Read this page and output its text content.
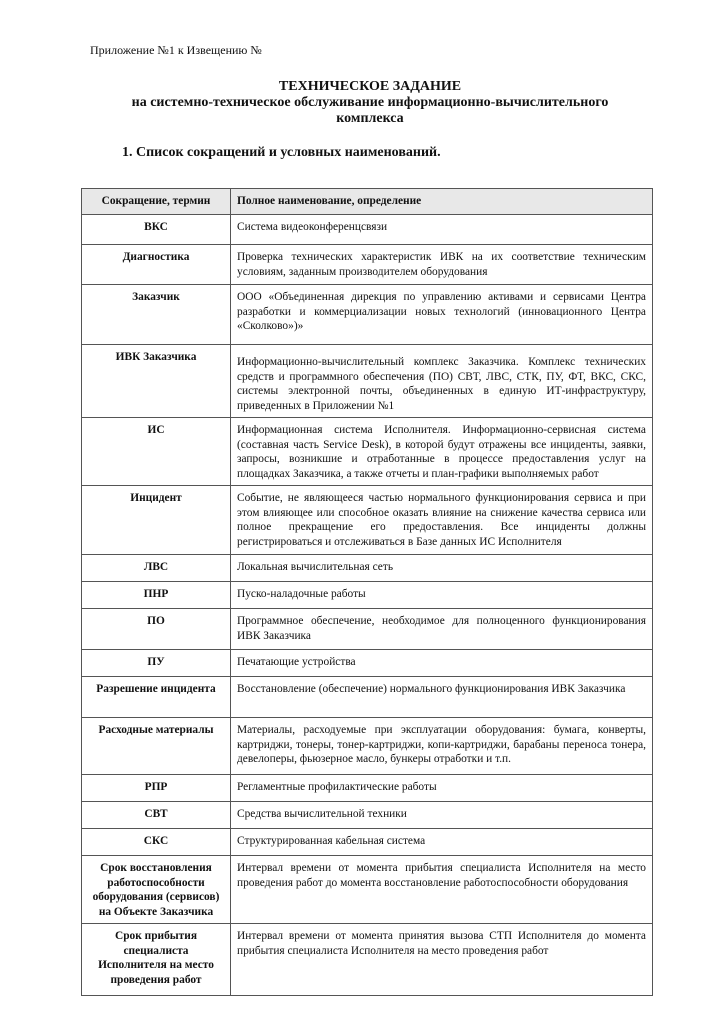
Приложение №1 к Извещению №
ТЕХНИЧЕСКОЕ ЗАДАНИЕ
на системно-техническое обслуживание информационно-вычислительного комплекса
1. Список сокращений и условных наименований.
Сокращение, термин	Полное наименование, определение
ВКС	Система видеоконференцсвязи
Диагностика	Проверка технических характеристик ИВК на их соответствие техническим условиям, заданным производителем оборудования
Заказчик	ООО «Объединенная дирекция по управлению активами и сервисами Центра разработки и коммерциализации новых технологий (инновационного Центра «Сколково»)»
ИВК Заказчика	Информационно-вычислительный комплекс Заказчика. Комплекс технических средств и программного обеспечения (ПО) СВТ, ЛВС, СТК, ПУ, ФТ, ВКС, СКС, системы электронной почты, объединенных в единую ИТ-инфраструктуру, приведенных в Приложении №1
ИС	Информационная система Исполнителя. Информационно-сервисная система (составная часть Service Desk), в которой будут отражены все инциденты, заявки, запросы, возникшие и отработанные в процессе предоставления услуг на площадках Заказчика, а также отчеты и план-графики выполняемых работ
Инцидент	Событие, не являющееся частью нормального функционирования сервиса и при этом влияющее или способное оказать влияние на снижение качества сервиса или полное прекращение его предоставления. Все инциденты должны регистрироваться и отслеживаться в Базе данных ИС Исполнителя
ЛВС	Локальная вычислительная сеть
ПНР	Пуско-наладочные работы
ПО	Программное обеспечение, необходимое для полноценного функционирования ИВК Заказчика
ПУ	Печатающие устройства
Разрешение инцидента	Восстановление (обеспечение) нормального функционирования ИВК Заказчика
Расходные материалы	Материалы, расходуемые при эксплуатации оборудования: бумага, конверты, картриджи, тонеры, тонер-картриджи, копи-картриджи, барабаны переноса тонера, девелоперы, фьюзерное масло, бункеры отработки и т.п.
РПР	Регламентные профилактические работы
СВТ	Средства вычислительной техники
СКС	Структурированная кабельная система
Срок восстановления работоспособности оборудования (сервисов) на Объекте Заказчика	Интервал времени от момента прибытия специалиста Исполнителя на место проведения работ до момента восстановление работоспособности оборудования
Срок прибытия специалиста Исполнителя на место проведения работ	Интервал времени от момента принятия вызова СТП Исполнителя до момента прибытия специалиста Исполнителя на место проведения работ
